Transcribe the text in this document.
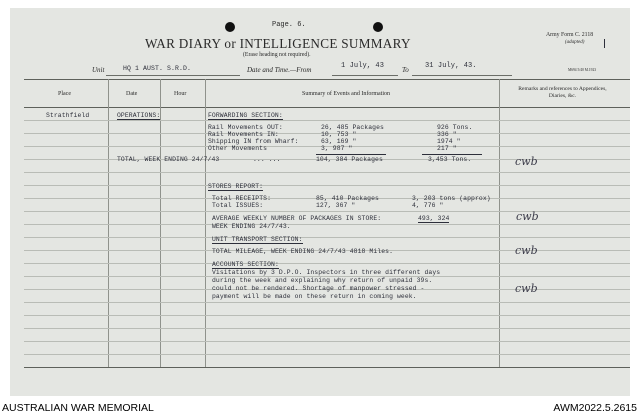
Page. 6.
WAR DIARY or INTELLIGENCE SUMMARY
(Erase heading not required).
Army Form C. 2118
(adapted)
Unit	HQ 1 AUST. S.R.D.	Date and Time.—From	1 July, 43	To 31 July, 43.	M694 5/40 M.1923
Place	Date	Hour	Summary of Events and Information
Remarks and references to Appendices, Diaries, &c.
Strathfield	OPERATIONS:	FORWARDING SECTION:
Rail Movements OUT:	26, 485 Packages	926 Tons.
Rail Movements IN:	10, 753 "	336 "
Shipping IN from Wharf:	63, 169 "	1974 "
Other Movements	3, 987 "	217 "
TOTAL, WEEK ENDING 24/7/43	... ...	104, 384 Packages	3,453 Tons.
STORES REPORT:
Total RECEIPTS:	85, 410 Packages	3, 203 tons (approx)
Total ISSUES:	127, 367 "	4, 776 "
AVERAGE WEEKLY NUMBER OF PACKAGES IN STORE:	493, 324
WEEK ENDING 24/7/43.
UNIT TRANSPORT SECTION:
TOTAL MILEAGE, WEEK ENDING 24/7/43 4818 Miles.
ACCOUNTS SECTION:
Visitations by 3 D.P.O. Inspectors in three different days
during the week and explaining why return of unpaid 39s.
could not be rendered. Shortage of manpower stressed -
payment will be made on these return in coming week.
cwb
cwb
cwb
cwb
AUSTRALIAN WAR MEMORIAL	AWM2022.5.2615
